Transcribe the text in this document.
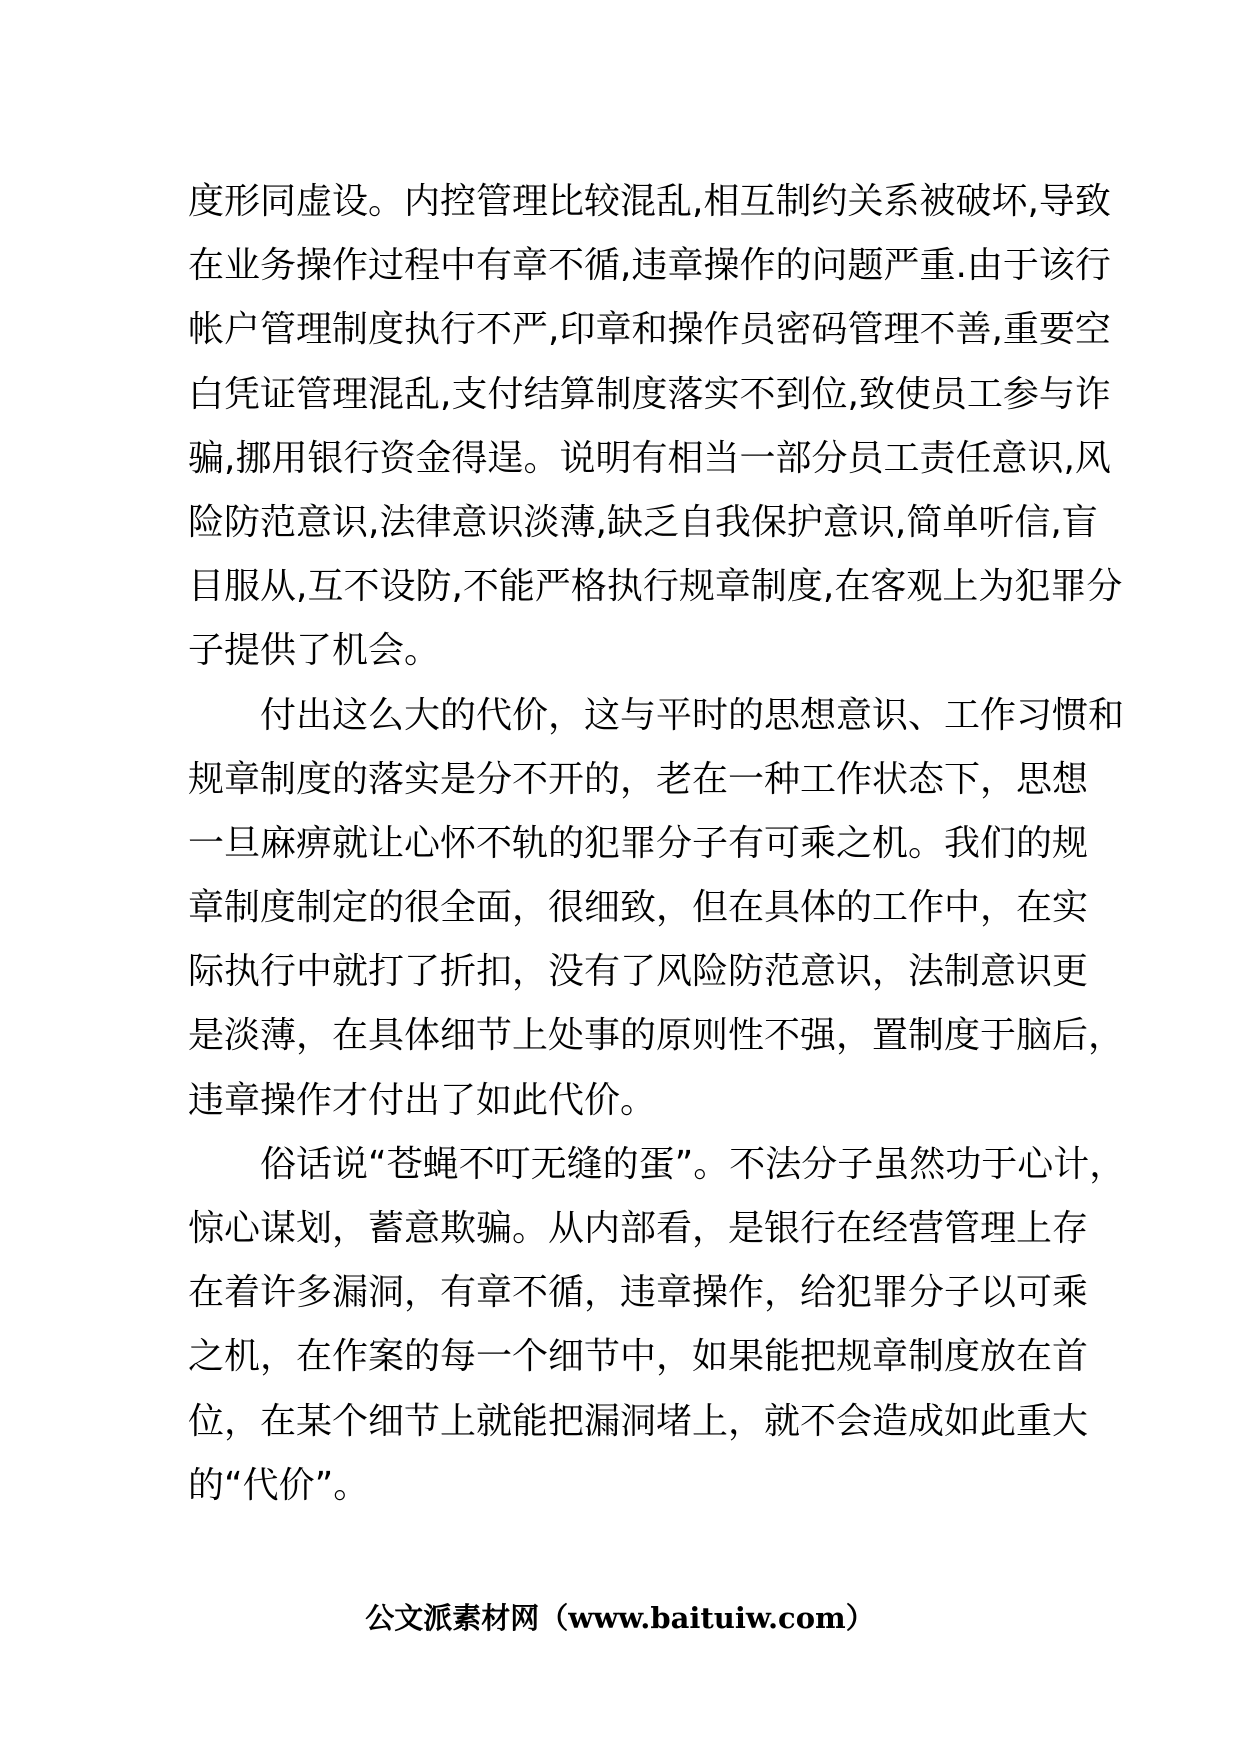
度形同虚设。内控管理比较混乱,相互制约关系被破坏,导致
在业务操作过程中有章不循,违章操作的问题严重.由于该行
帐户管理制度执行不严,印章和操作员密码管理不善,重要空
白凭证管理混乱,支付结算制度落实不到位,致使员工参与诈
骗,挪用银行资金得逞。说明有相当一部分员工责任意识,风
险防范意识,法律意识淡薄,缺乏自我保护意识,简单听信,盲
目服从,互不设防,不能严格执行规章制度,在客观上为犯罪分
子提供了机会。
　　付出这么大的代价，这与平时的思想意识、工作习惯和
规章制度的落实是分不开的，老在一种工作状态下，思想
一旦麻痹就让心怀不轨的犯罪分子有可乘之机。我们的规
章制度制定的很全面，很细致，但在具体的工作中，在实
际执行中就打了折扣，没有了风险防范意识，法制意识更
是淡薄，在具体细节上处事的原则性不强，置制度于脑后，
违章操作才付出了如此代价。
　　俗话说“苍蝇不叮无缝的蛋”。不法分子虽然功于心计，
惊心谋划，蓄意欺骗。从内部看，是银行在经营管理上存
在着许多漏洞，有章不循，违章操作，给犯罪分子以可乘
之机，在作案的每一个细节中，如果能把规章制度放在首
位，在某个细节上就能把漏洞堵上，就不会造成如此重大
的“代价”。
公文派素材网（www.baituiw.com）
